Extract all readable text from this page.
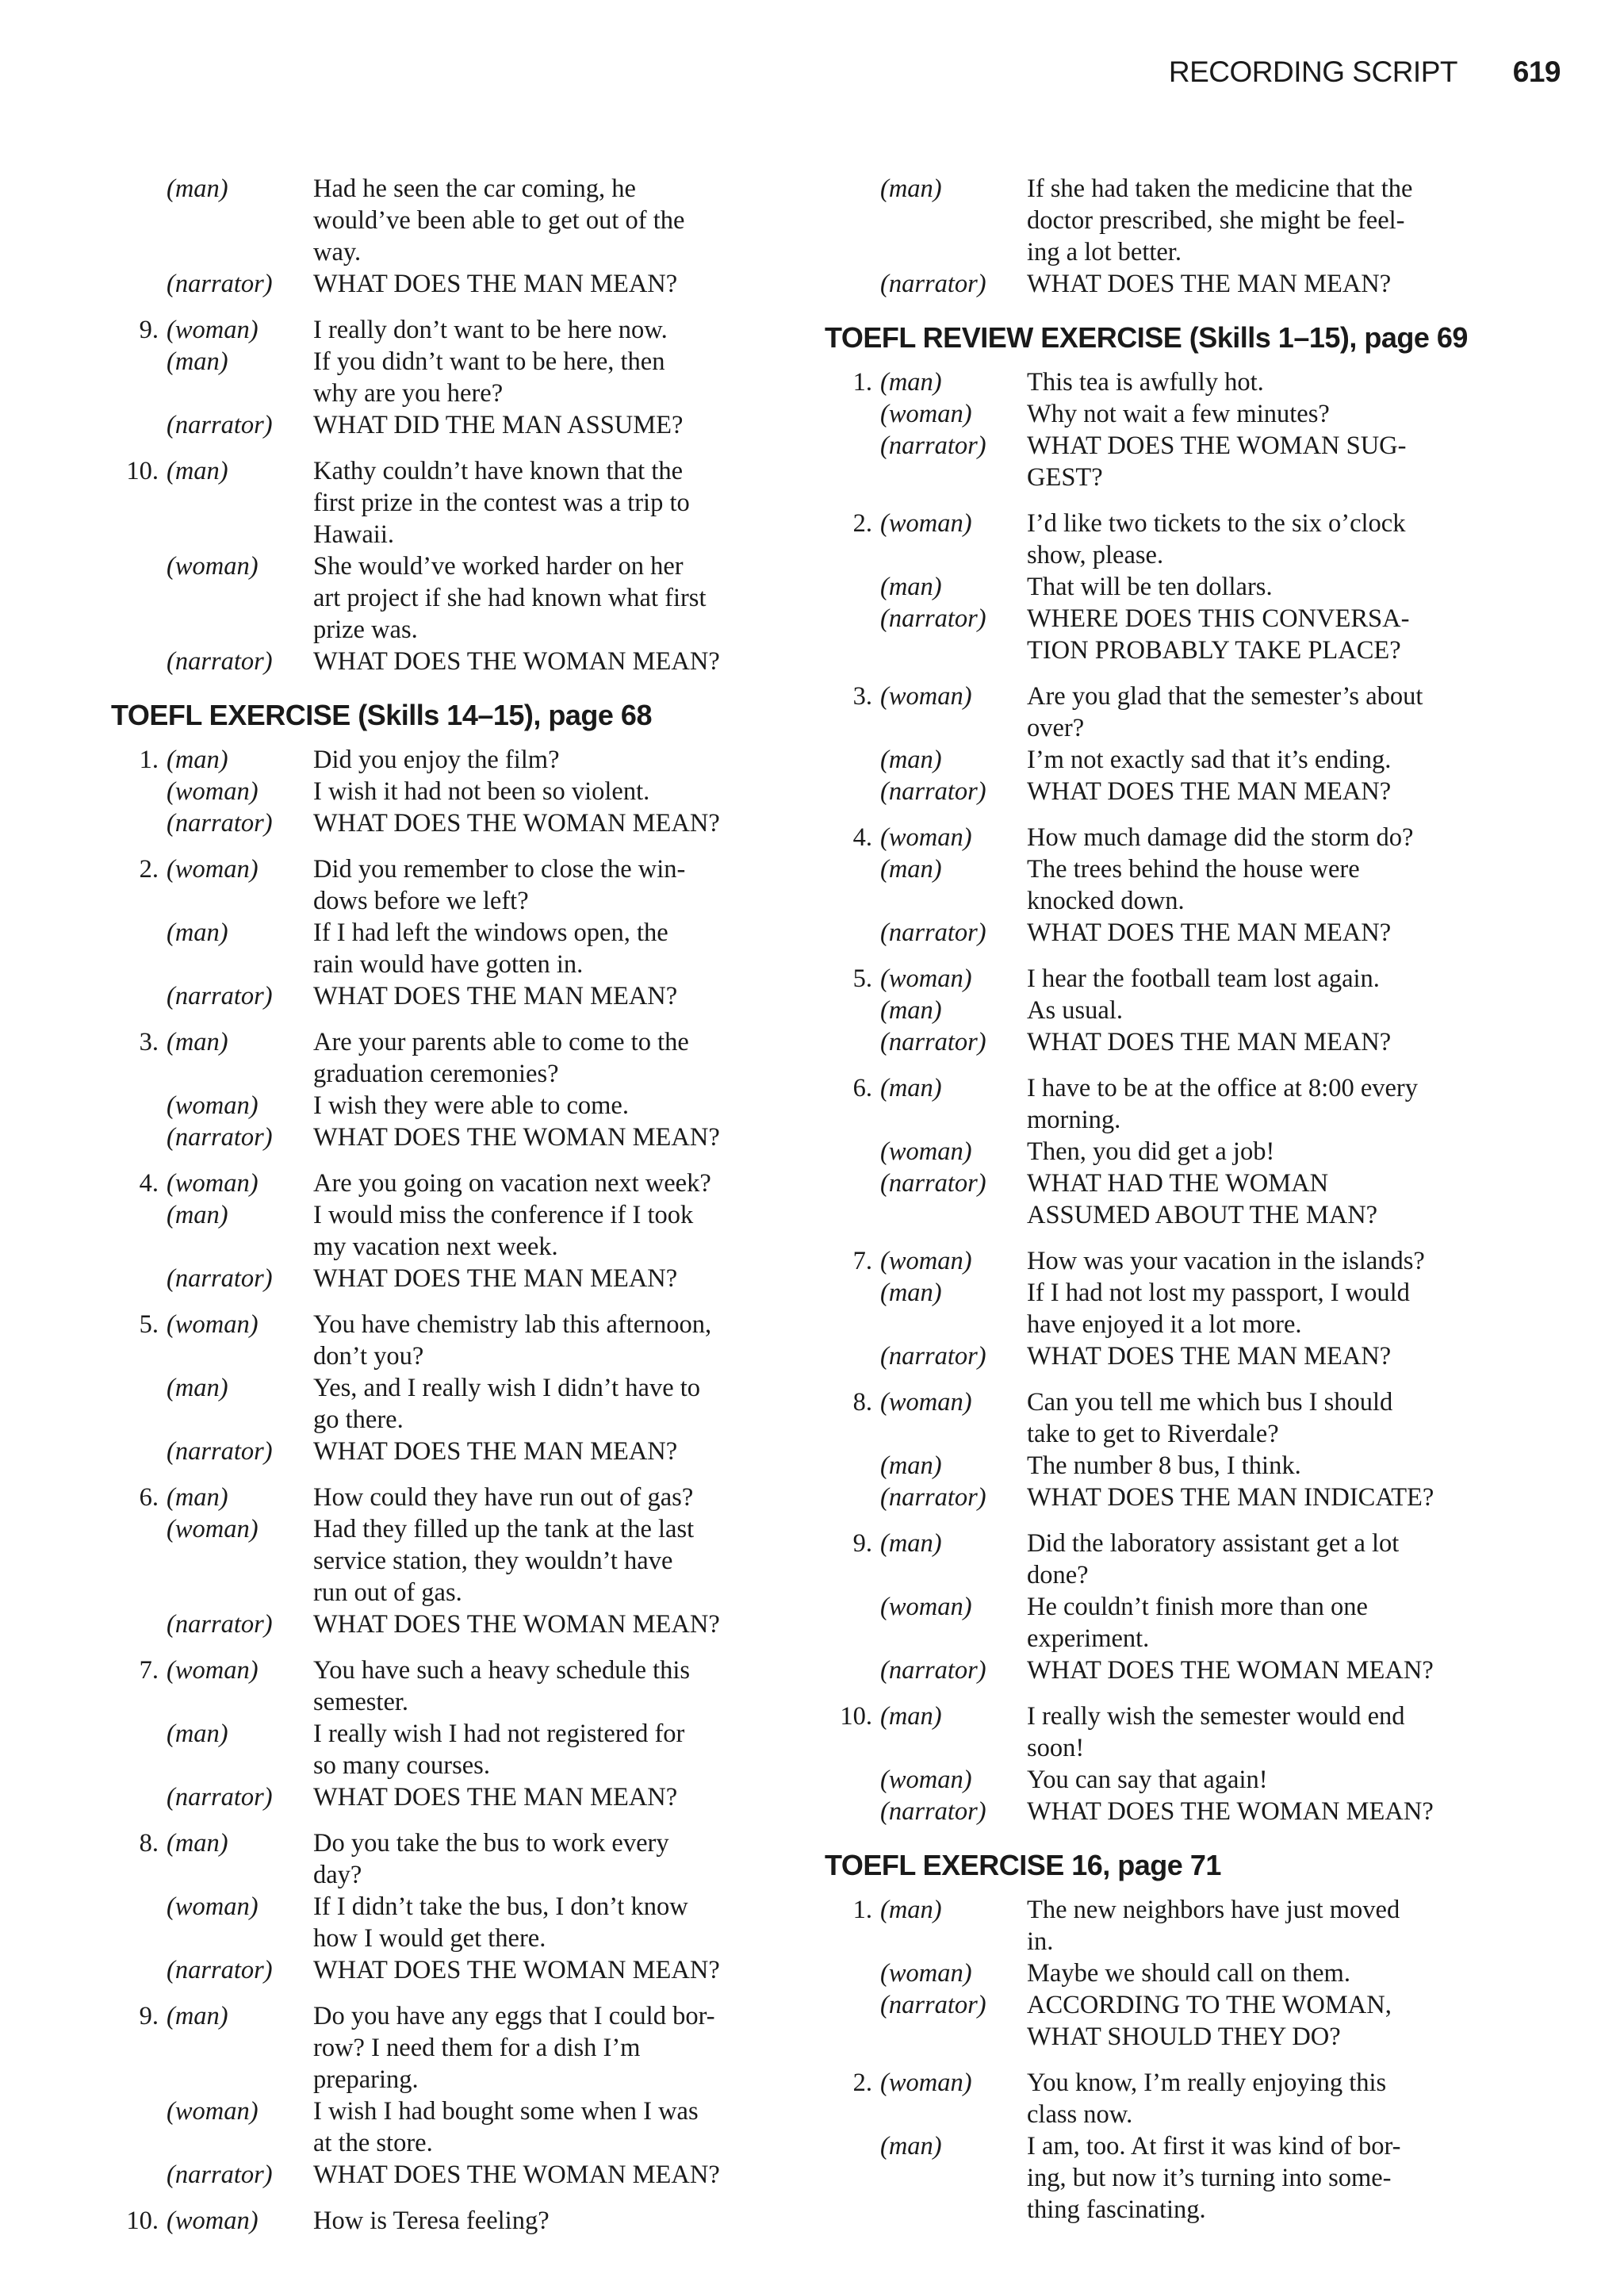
RECORDING SCRIPT 619
(man)	Had he seen the car coming, he
would’ve been able to get out of the
way.
(narrator)	WHAT DOES THE MAN MEAN?
9. (woman)	I really don’t want to be here now.
(man)	If you didn’t want to be here, then
why are you here?
(narrator)	WHAT DID THE MAN ASSUME?
10. (man)	Kathy couldn’t have known that the
first prize in the contest was a trip to
Hawaii.
(woman)	She would’ve worked harder on her
art project if she had known what first
prize was.
(narrator)	WHAT DOES THE WOMAN MEAN?
TOEFL EXERCISE (Skills 14–15), page 68
1. (man)	Did you enjoy the film?
(woman)	I wish it had not been so violent.
(narrator)	WHAT DOES THE WOMAN MEAN?
2. (woman)	Did you remember to close the win-
dows before we left?
(man)	If I had left the windows open, the
rain would have gotten in.
(narrator)	WHAT DOES THE MAN MEAN?
3. (man)	Are your parents able to come to the
graduation ceremonies?
(woman)	I wish they were able to come.
(narrator)	WHAT DOES THE WOMAN MEAN?
4. (woman)	Are you going on vacation next week?
(man)	I would miss the conference if I took
my vacation next week.
(narrator)	WHAT DOES THE MAN MEAN?
5. (woman)	You have chemistry lab this afternoon,
don’t you?
(man)	Yes, and I really wish I didn’t have to
go there.
(narrator)	WHAT DOES THE MAN MEAN?
6. (man)	How could they have run out of gas?
(woman)	Had they filled up the tank at the last
service station, they wouldn’t have
run out of gas.
(narrator)	WHAT DOES THE WOMAN MEAN?
7. (woman)	You have such a heavy schedule this
semester.
(man)	I really wish I had not registered for
so many courses.
(narrator)	WHAT DOES THE MAN MEAN?
8. (man)	Do you take the bus to work every
day?
(woman)	If I didn’t take the bus, I don’t know
how I would get there.
(narrator)	WHAT DOES THE WOMAN MEAN?
9. (man)	Do you have any eggs that I could bor-
row? I need them for a dish I’m
preparing.
(woman)	I wish I had bought some when I was
at the store.
(narrator)	WHAT DOES THE WOMAN MEAN?
10. (woman)	How is Teresa feeling?
(man)	If she had taken the medicine that the
doctor prescribed, she might be feel-
ing a lot better.
(narrator)	WHAT DOES THE MAN MEAN?
TOEFL REVIEW EXERCISE (Skills 1–15), page 69
1. (man)	This tea is awfully hot.
(woman)	Why not wait a few minutes?
(narrator)	WHAT DOES THE WOMAN SUG-
GEST?
2. (woman)	I’d like two tickets to the six o’clock
show, please.
(man)	That will be ten dollars.
(narrator)	WHERE DOES THIS CONVERSA-
TION PROBABLY TAKE PLACE?
3. (woman)	Are you glad that the semester’s about
over?
(man)	I’m not exactly sad that it’s ending.
(narrator)	WHAT DOES THE MAN MEAN?
4. (woman)	How much damage did the storm do?
(man)	The trees behind the house were
knocked down.
(narrator)	WHAT DOES THE MAN MEAN?
5. (woman)	I hear the football team lost again.
(man)	As usual.
(narrator)	WHAT DOES THE MAN MEAN?
6. (man)	I have to be at the office at 8:00 every
morning.
(woman)	Then, you did get a job!
(narrator)	WHAT HAD THE WOMAN
ASSUMED ABOUT THE MAN?
7. (woman)	How was your vacation in the islands?
(man)	If I had not lost my passport, I would
have enjoyed it a lot more.
(narrator)	WHAT DOES THE MAN MEAN?
8. (woman)	Can you tell me which bus I should
take to get to Riverdale?
(man)	The number 8 bus, I think.
(narrator)	WHAT DOES THE MAN INDICATE?
9. (man)	Did the laboratory assistant get a lot
done?
(woman)	He couldn’t finish more than one
experiment.
(narrator)	WHAT DOES THE WOMAN MEAN?
10. (man)	I really wish the semester would end
soon!
(woman)	You can say that again!
(narrator)	WHAT DOES THE WOMAN MEAN?
TOEFL EXERCISE 16, page 71
1. (man)	The new neighbors have just moved
in.
(woman)	Maybe we should call on them.
(narrator)	ACCORDING TO THE WOMAN,
WHAT SHOULD THEY DO?
2. (woman)	You know, I’m really enjoying this
class now.
(man)	I am, too. At first it was kind of bor-
ing, but now it’s turning into some-
thing fascinating.
